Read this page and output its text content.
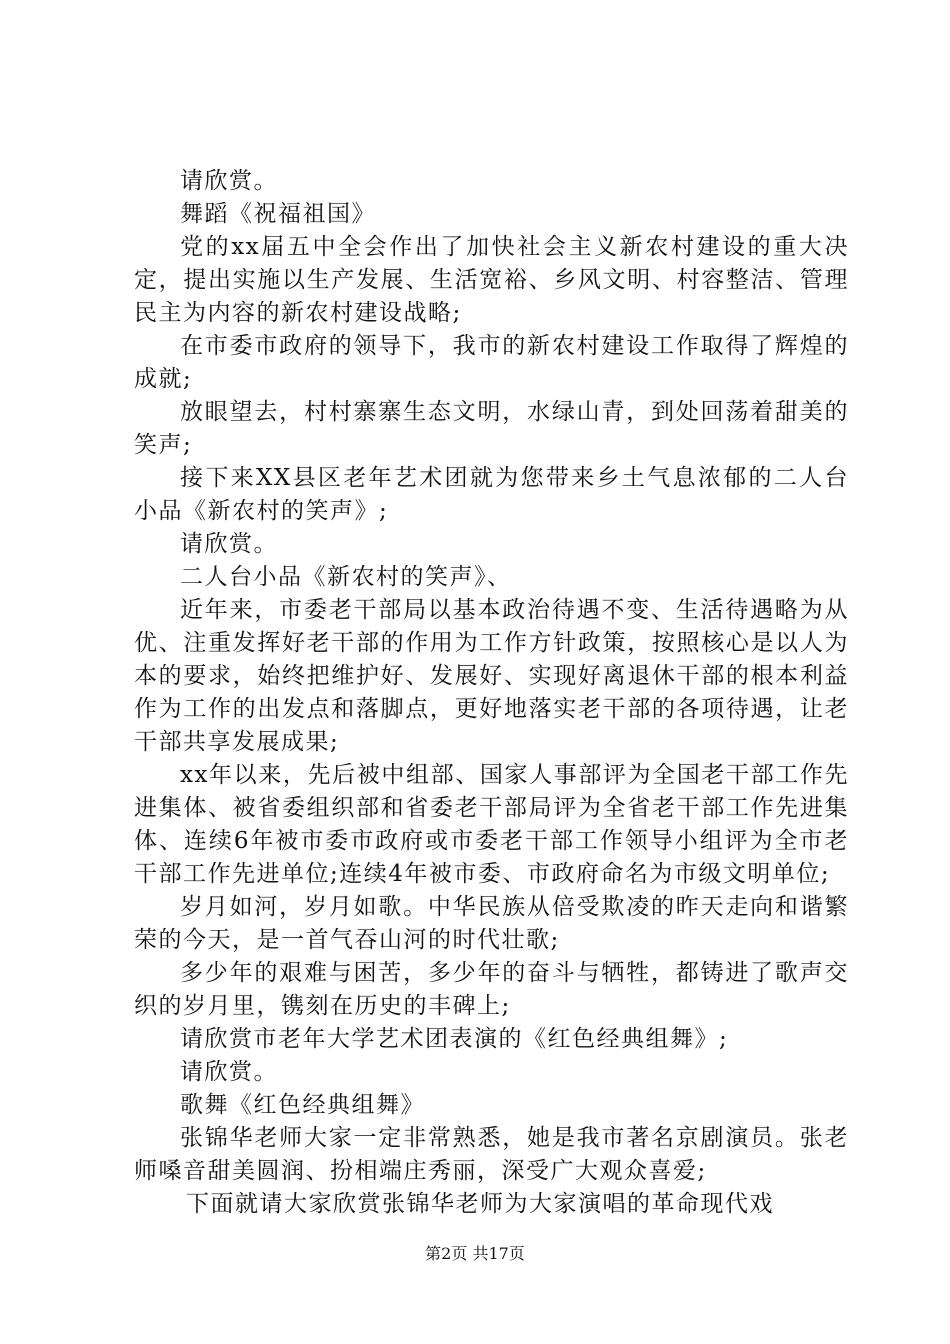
请欣赏。

舞蹈《祝福祖国》

党的xx届五中全会作出了加快社会主义新农村建设的重大决定，提出实施以生产发展、生活宽裕、乡风文明、村容整洁、管理民主为内容的新农村建设战略;

在市委市政府的领导下，我市的新农村建设工作取得了辉煌的成就;

放眼望去，村村寨寨生态文明，水绿山青，到处回荡着甜美的笑声;

接下来XX县区老年艺术团就为您带来乡土气息浓郁的二人台小品《新农村的笑声》;

请欣赏。

二人台小品《新农村的笑声》、

近年来，市委老干部局以基本政治待遇不变、生活待遇略为从优、注重发挥好老干部的作用为工作方针政策，按照核心是以人为本的要求，始终把维护好、发展好、实现好离退休干部的根本利益作为工作的出发点和落脚点，更好地落实老干部的各项待遇，让老干部共享发展成果;

xx年以来，先后被中组部、国家人事部评为全国老干部工作先进集体、被省委组织部和省委老干部局评为全省老干部工作先进集体、连续6年被市委市政府或市委老干部工作领导小组评为全市老干部工作先进单位;连续4年被市委、市政府命名为市级文明单位;

岁月如河，岁月如歌。中华民族从倍受欺凌的昨天走向和谐繁荣的今天，是一首气吞山河的时代壮歌;

多少年的艰难与困苦，多少年的奋斗与牺牲，都铸进了歌声交织的岁月里，镌刻在历史的丰碑上;

请欣赏市老年大学艺术团表演的《红色经典组舞》;

请欣赏。

歌舞《红色经典组舞》

张锦华老师大家一定非常熟悉，她是我市著名京剧演员。张老师嗓音甜美圆润、扮相端庄秀丽，深受广大观众喜爱;

下面就请大家欣赏张锦华老师为大家演唱的革命现代戏

第2页 共17页
